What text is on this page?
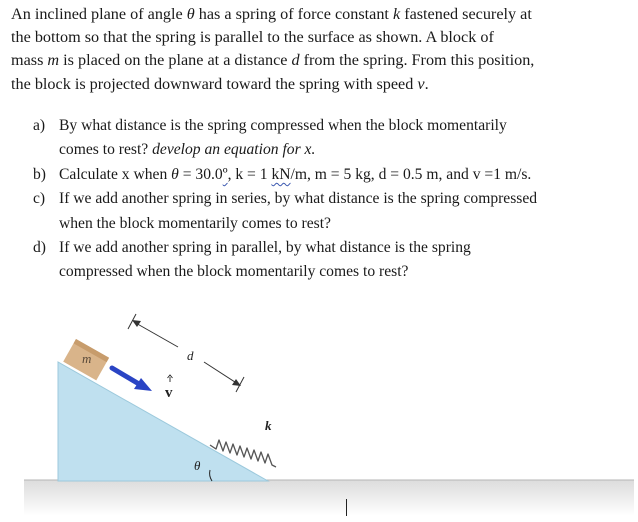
An inclined plane of angle θ has a spring of force constant k fastened securely at
the bottom so that the spring is parallel to the surface as shown. A block of
mass m is placed on the plane at a distance d from the spring. From this position,
the block is projected downward toward the spring with speed v.
a) By what distance is the spring compressed when the block momentarily
comes to rest? develop an equation for x.
b) Calculate x when θ = 30.0º, k = 1 kN/m, m = 5 kg, d = 0.5 m, and v =1 m/s.
c) If we add another spring in series, by what distance is the spring compressed
when the block momentarily comes to rest?
d) If we add another spring in parallel, by what distance is the spring
compressed when the block momentarily comes to rest?
m
v
d
k
θ
